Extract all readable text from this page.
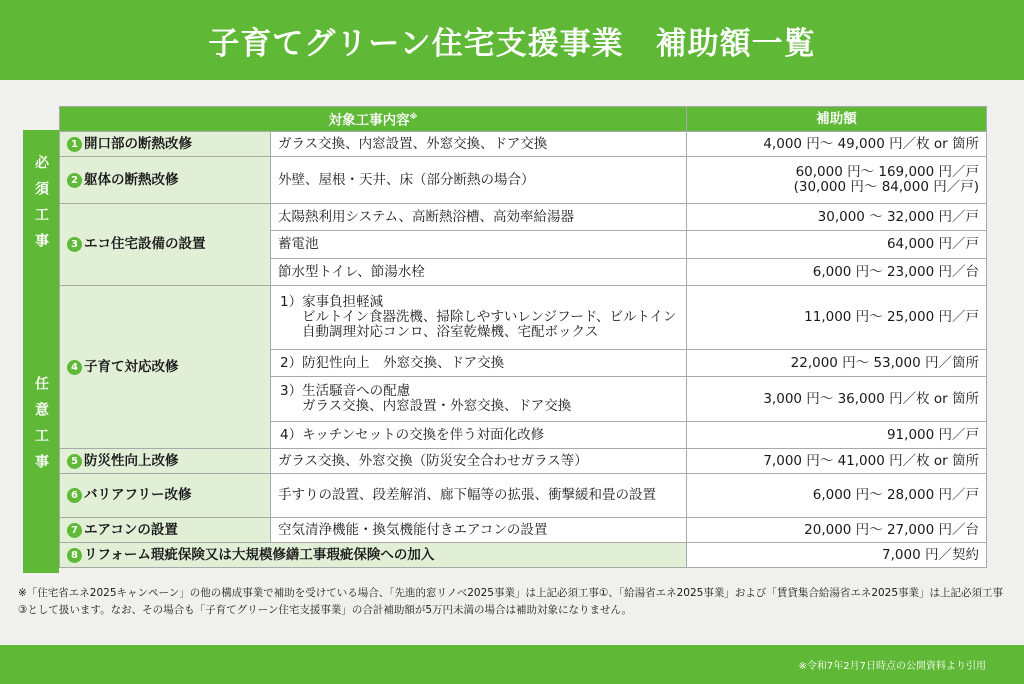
子育てグリーン住宅支援事業　補助額一覧
必須工事
任意工事
対象工事内容※		補助額
1 開口部の断熱改修	ガラス交換、内窓設置、外窓交換、ドア交換	4,000 円〜 49,000 円／枚 or 箇所
2 躯体の断熱改修	外壁、屋根・天井、床（部分断熱の場合）	60,000 円〜 169,000 円／戸
(30,000 円〜 84,000 円／戸)
3 エコ住宅設備の設置	太陽熱利用システム、高断熱浴槽、高効率給湯器	30,000 〜 32,000 円／戸
	蓄電池	64,000 円／戸
	節水型トイレ、節湯水栓	6,000 円〜 23,000 円／台
4 子育て対応改修	1）家事負担軽減
ビルトイン食器洗機、掃除しやすいレンジフード、ビルトイン自動調理対応コンロ、浴室乾燥機、宅配ボックス	11,000 円〜 25,000 円／戸
	2）防犯性向上　外窓交換、ドア交換	22,000 円〜 53,000 円／箇所
	3）生活騒音への配慮
ガラス交換、内窓設置・外窓交換、ドア交換	3,000 円〜 36,000 円／枚 or 箇所
	4）キッチンセットの交換を伴う対面化改修	91,000 円／戸
5 防災性向上改修	ガラス交換、外窓交換（防災安全合わせガラス等）	7,000 円〜 41,000 円／枚 or 箇所
6 バリアフリー改修	手すりの設置、段差解消、廊下幅等の拡張、衝撃緩和畳の設置	6,000 円〜 28,000 円／戸
7 エアコンの設置	空気清浄機能・換気機能付きエアコンの設置	20,000 円〜 27,000 円／台
8 リフォーム瑕疵保険又は大規模修繕工事瑕疵保険への加入		7,000 円／契約
※「住宅省エネ2025キャンペーン」の他の構成事業で補助を受けている場合、「先進的窓リノベ2025事業」は上記必須工事①、「給湯省エネ2025事業」および「賃貸集合給湯省エネ2025事業」は上記必須工事③として扱います。なお、その場合も「子育てグリーン住宅支援事業」の合計補助額が5万円未満の場合は補助対象になりません。
※令和7年2月7日時点の公開資料より引用
